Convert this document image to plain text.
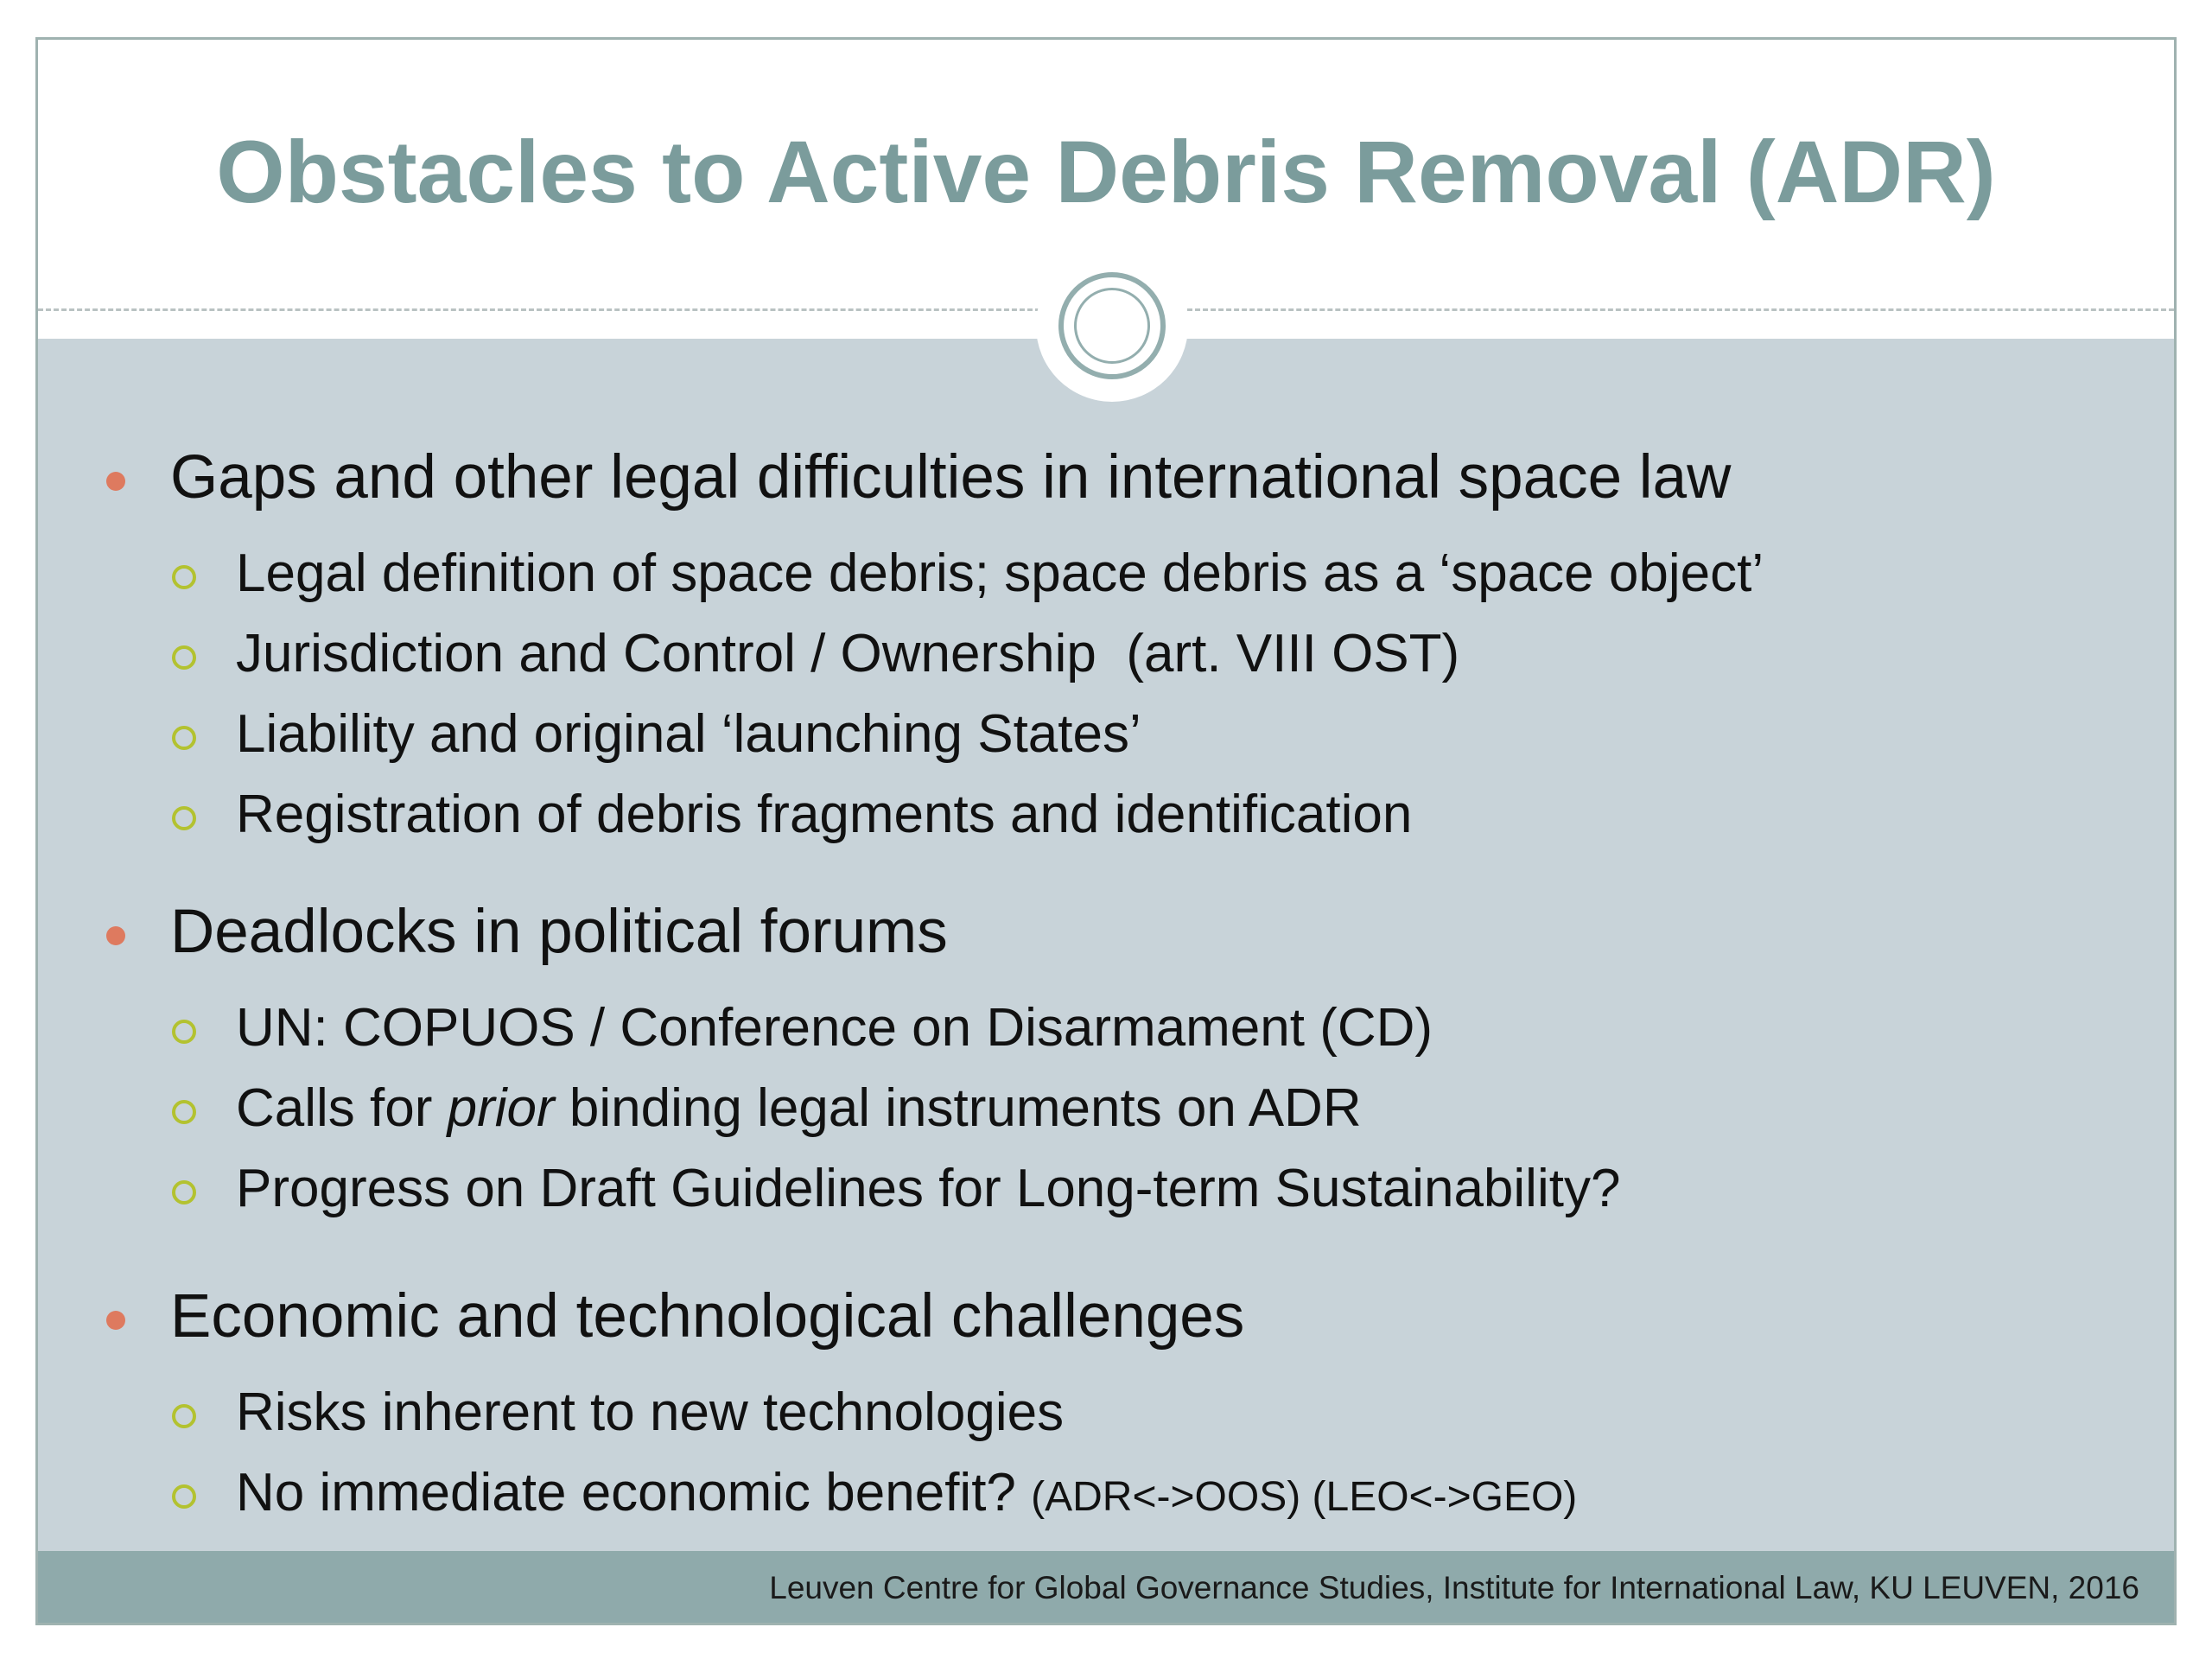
Gaps and other legal difficulties in international space law
Legal definition of space debris; space debris as a ‘space object’
Jurisdiction and Control / Ownership  (art. VIII OST)
Liability and original ‘launching States’
Registration of debris fragments and identification
Deadlocks in political forums
UN: COPUOS / Conference on Disarmament (CD)
Calls for prior binding legal instruments on ADR
Progress on Draft Guidelines for Long-term Sustainability?
Economic and technological challenges
Risks inherent to new technologies
No immediate economic benefit? (ADR<->OOS) (LEO<->GEO)
Obstacles to Active Debris Removal (ADR)
Leuven Centre for Global Governance Studies, Institute for International Law, KU LEUVEN, 2016
